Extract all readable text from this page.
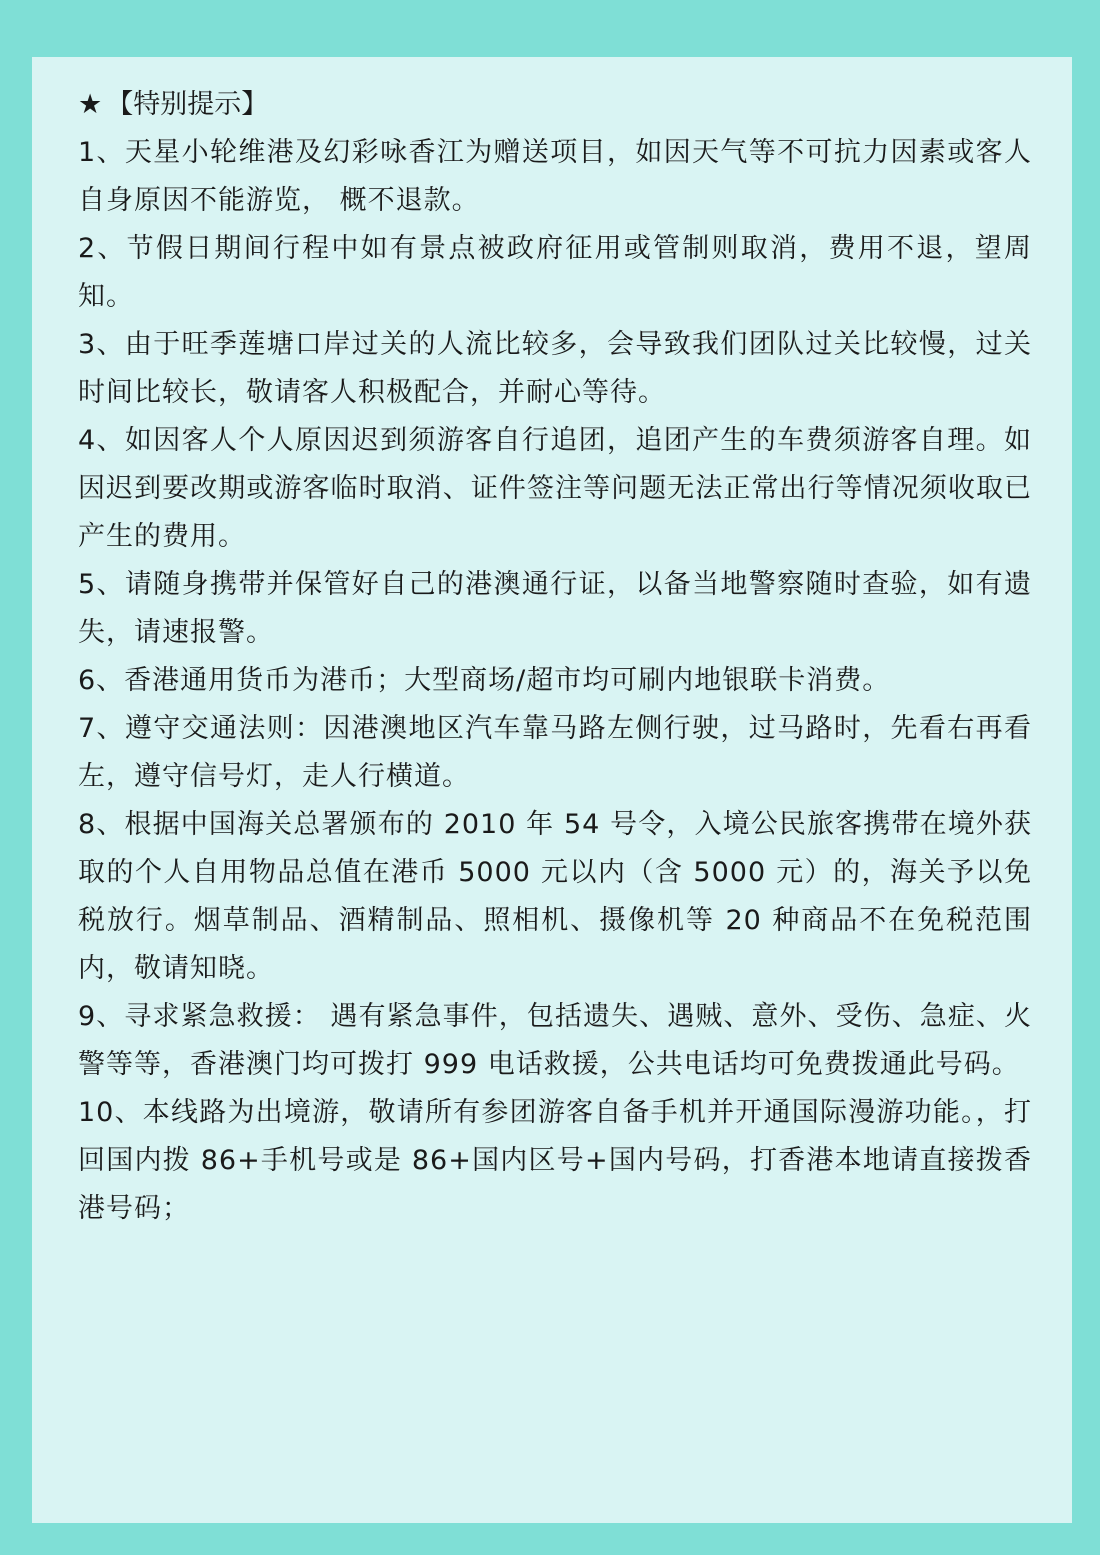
★ 【特别提示】

1、天星小轮维港及幻彩咏香江为赠送项目，如因天气等不可抗力因素或客人自身原因不能游览， 概不退款。

2、节假日期间行程中如有景点被政府征用或管制则取消，费用不退，望周知。

3、由于旺季莲塘口岸过关的人流比较多，会导致我们团队过关比较慢，过关时间比较长，敬请客人积极配合，并耐心等待。

4、如因客人个人原因迟到须游客自行追团，追团产生的车费须游客自理。如因迟到要改期或游客临时取消、证件签注等问题无法正常出行等情况须收取已产生的费用。

5、请随身携带并保管好自己的港澳通行证，以备当地警察随时查验，如有遗失，请速报警。

6、香港通用货币为港币；大型商场/超市均可刷内地银联卡消费。

7、遵守交通法则：因港澳地区汽车靠马路左侧行驶，过马路时，先看右再看左，遵守信号灯，走人行横道。

8、根据中国海关总署颁布的 2010 年 54 号令，入境公民旅客携带在境外获取的个人自用物品总值在港币 5000 元以内（含 5000 元）的，海关予以免税放行。烟草制品、酒精制品、照相机、摄像机等 20 种商品不在免税范围内，敬请知晓。

9、寻求紧急救援： 遇有紧急事件，包括遗失、遇贼、意外、受伤、急症、火警等等，香港澳门均可拨打 999 电话救援，公共电话均可免费拨通此号码。

10、本线路为出境游，敬请所有参团游客自备手机并开通国际漫游功能。，打回国内拨 86+手机号或是 86+国内区号+国内号码，打香港本地请直接拨香港号码；
